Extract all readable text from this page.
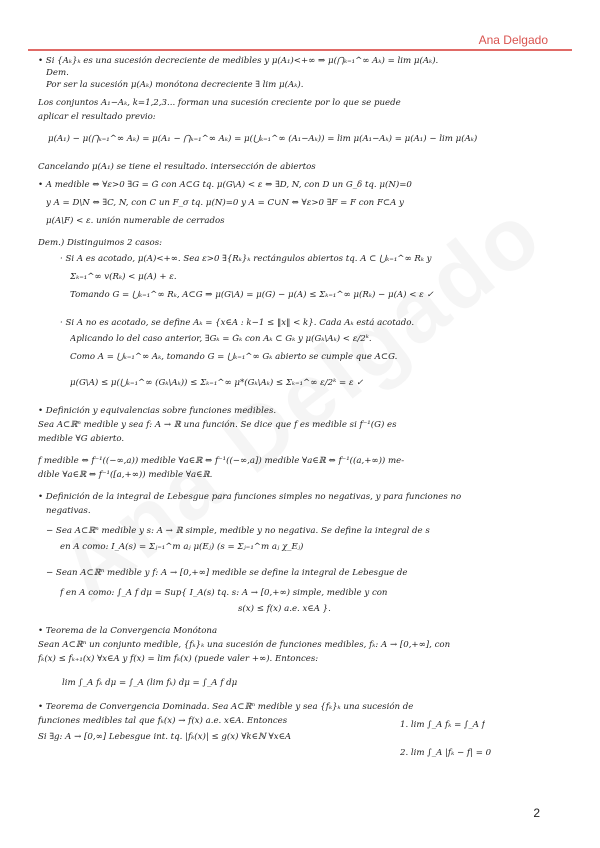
Ana Delgado
• Si {Aₖ}ₖ es una sucesión decreciente de medibles y μ(A₁)<+∞ ⇒ μ(⋂ₖ₌₁^∞ Aₖ) = lim μ(Aₖ).
Dem.
Por ser la sucesión μ(Aₖ) monótona decreciente ∃ lim μ(Aₖ).
Los conjuntos A₁−Aₖ, k=1,2,3... forman una sucesión creciente por lo que se puede
aplicar el resultado previo:
μ(A₁) − μ(⋂ₖ₌₁^∞ Aₖ) = μ(A₁ − ⋂ₖ₌₁^∞ Aₖ) = μ(⋃ₖ₌₁^∞ (A₁−Aₖ)) = lim μ(A₁−Aₖ) = μ(A₁) − lim μ(Aₖ)
Cancelando μ(A₁) se tiene el resultado. intersección de abiertos
• A medible ⇔ ∀ε>0 ∃G = G̊ con A⊂G tq. μ(G\A) < ε ⇔ ∃D, N, con D un G_δ tq. μ(N)=0
y A = D\N ⇔ ∃C, N, con C un F_σ tq. μ(N)=0 y A = C∪N ⇔ ∀ε>0 ∃F = F̄ con F⊂A y
μ(A\F) < ε. unión numerable de cerrados
Dem.) Distinguimos 2 casos:
· Si A es acotado, μ(A)<+∞. Sea ε>0 ∃{Rₖ}ₖ rectángulos abiertos tq. A ⊂ ⋃ₖ₌₁^∞ Rₖ y
Σₖ₌₁^∞ v(Rₖ) < μ(A) + ε.
Tomando G = ⋃ₖ₌₁^∞ Rₖ, A⊂G ⇒ μ(G\A) = μ(G) − μ(A) ≤ Σₖ₌₁^∞ μ(Rₖ) − μ(A) < ε ✓
· Si A no es acotado, se define Aₖ = {x∈A : k−1 ≤ ‖x‖ < k}. Cada Aₖ está acotado.
Aplicando lo del caso anterior, ∃Gₖ = G̊ₖ con Aₖ ⊂ Gₖ y μ(Gₖ\Aₖ) < ε/2ᵏ.
Como A = ⋃ₖ₌₁^∞ Aₖ, tomando G = ⋃ₖ₌₁^∞ Gₖ abierto se cumple que A⊂G.
μ(G\A) ≤ μ(⋃ₖ₌₁^∞ (Gₖ\Aₖ)) ≤ Σₖ₌₁^∞ μ*(Gₖ\Aₖ) ≤ Σₖ₌₁^∞ ε/2ᵏ = ε ✓
• Definición y equivalencias sobre funciones medibles.
Sea A⊂ℝⁿ medible y sea f: A → ℝ una función. Se dice que f es medible si f⁻¹(G) es
medible ∀G abierto.
f medible ⇔ f⁻¹((−∞,a)) medible ∀a∈ℝ ⇔ f⁻¹((−∞,a]) medible ∀a∈ℝ ⇔ f⁻¹((a,+∞)) me-
dible ∀a∈ℝ ⇔ f⁻¹([a,+∞)) medible ∀a∈ℝ.
• Definición de la integral de Lebesgue para funciones simples no negativas, y para funciones no
negativas.
− Sea A⊂ℝⁿ medible y s: A → ℝ simple, medible y no negativa. Se define la integral de s
en A como: I_A(s) = Σⱼ₌₁^m aⱼ μ(Eⱼ) (s = Σⱼ₌₁^m aⱼ χ_Eⱼ)
− Sean A⊂ℝⁿ medible y f: A → [0,+∞] medible se define la integral de Lebesgue de
f en A como: ∫_A f dμ = Sup{ I_A(s) tq. s: A → [0,+∞) simple, medible y con
s(x) ≤ f(x) a.e. x∈A }.
• Teorema de la Convergencia Monótona
Sean A⊂ℝⁿ un conjunto medible, {fₖ}ₖ una sucesión de funciones medibles, fₖ: A → [0,+∞], con
fₖ(x) ≤ fₖ₊₁(x) ∀x∈A y f(x) = lim fₖ(x) (puede valer +∞). Entonces:
lim ∫_A fₖ dμ = ∫_A (lim fₖ) dμ = ∫_A f dμ
• Teorema de Convergencia Dominada. Sea A⊂ℝⁿ medible y sea {fₖ}ₖ una sucesión de
funciones medibles tal que fₖ(x) → f(x) a.e. x∈A. Entonces
Si ∃g: A → [0,∞] Lebesgue int. tq. |fₖ(x)| ≤ g(x) ∀k∈ℕ ∀x∈A
1. lim ∫_A fₖ = ∫_A f
2. lim ∫_A |fₖ − f| = 0
2
